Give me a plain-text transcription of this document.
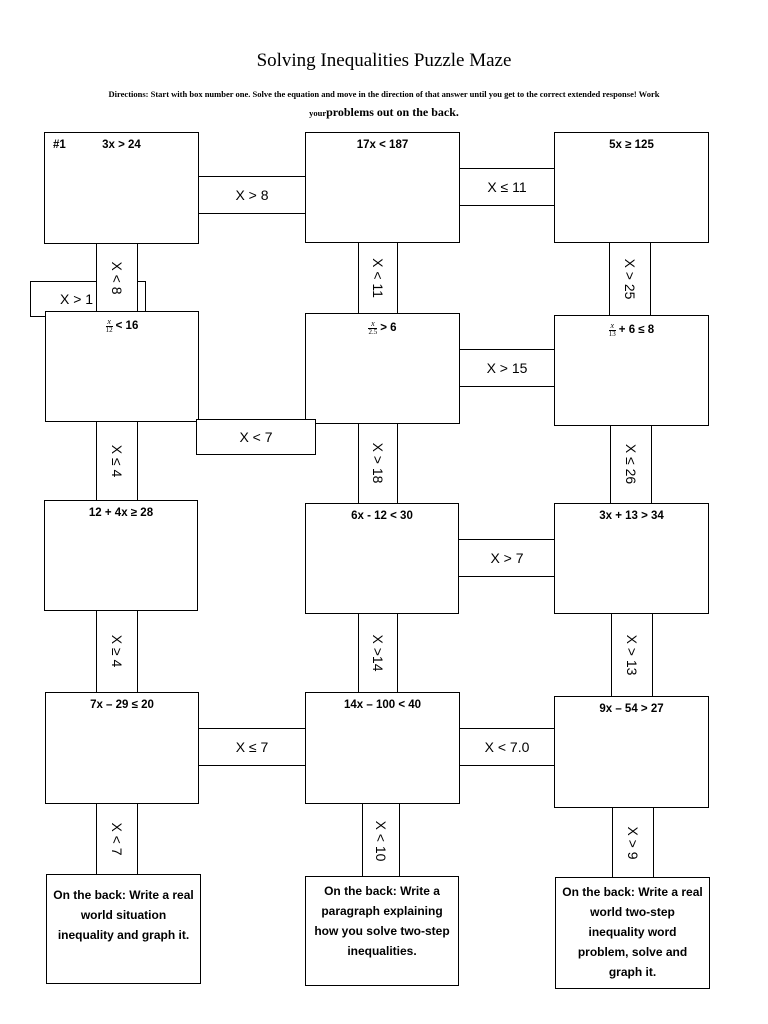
Solving Inequalities Puzzle Maze
Directions: Start with box number one. Solve the equation and move in the direction of that answer until you get to the correct extended response! Work
yourproblems out on the back.
X > 8	X ≤ 11
X > 1
X < 8
X ≤ 4
X ≥ 4
X < 7
X < 11
X > 18
X >14
X < 10
X > 25
X ≤ 26
X > 13
X > 9
X > 15
X > 7
X ≤ 7	X < 7.0
#1	3x > 24	17x < 187	5x ≥ 125
$\frac{x}{12} < 16$	$\frac{x}{2.5} > 6$	$\frac{x}{13} + 6 \le 8$
X < 7
12 + 4x ≥ 28	6x - 12 < 30	3x + 13 > 34
7x – 29 ≤ 20	14x – 100 < 40	9x – 54 > 27
On the back: Write a real world situation inequality and graph it.
On the back: Write a paragraph explaining how you solve two-step inequalities.
On the back: Write a real world two-step inequality word problem, solve and graph it.
